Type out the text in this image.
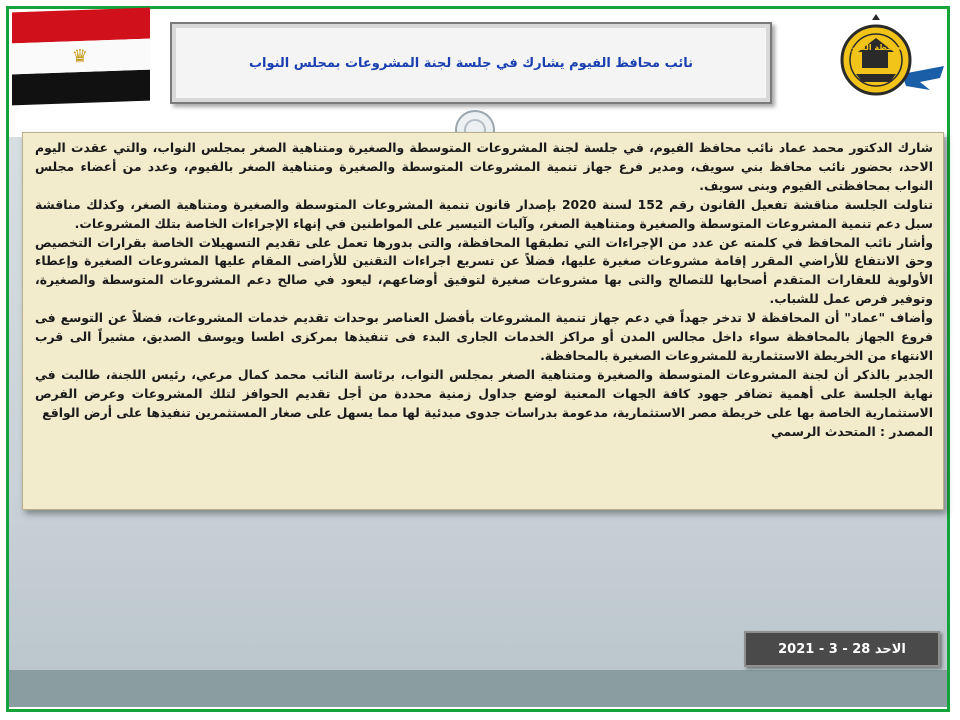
♛	نائب محافظ الفيوم يشارك في جلسة لجنة المشروعات بمجلس النواب
محافظة الفيوم

شارك الدكتور محمد عماد نائب محافظ الفيوم، في جلسة لجنة المشروعات المتوسطة والصغيرة ومتناهية الصغر بمجلس النواب، والتي عقدت اليوم الاحد، بحضور نائب محافظ بني سويف، ومدير فرع جهاز تنمية المشروعات المتوسطة والصغيرة ومتناهية الصغر بالفيوم، وعدد من أعضاء مجلس النواب بمحافظتى الفيوم وبنى سويف.

تناولت الجلسة مناقشة تفعيل القانون رقم 152 لسنة 2020 بإصدار قانون تنمية المشروعات المتوسطة والصغيرة ومتناهية الصغر، وكذلك مناقشة سبل دعم تنمية المشروعات المتوسطة والصغيرة ومتناهية الصغر، وآليات التيسير على المواطنين في إنهاء الإجراءات الخاصة بتلك المشروعات.

وأشار نائب المحافظ في كلمته عن عدد من الإجراءات التي تطبقها المحافظة، والتى بدورها تعمل على تقديم التسهيلات الخاصة بقرارات التخصيص وحق الانتفاع للأراضي المقرر إقامة مشروعات صغيرة عليها، فضلاً عن تسريع اجراءات التقنين للأراضى المقام عليها المشروعات الصغيرة وإعطاء الأولوية للعقارات المتقدم أصحابها للتصالح والتى بها مشروعات صغيرة لتوفيق أوضاعهم، ليعود في صالح دعم المشروعات المتوسطة والصغيرة، وتوفير فرص عمل للشباب.

وأضاف "عماد" أن المحافظة لا تدخر جهداً في دعم جهاز تنمية المشروعات بأفضل العناصر بوحدات تقديم خدمات المشروعات، فضلاً عن التوسع فى فروع الجهاز بالمحافظة سواء داخل مجالس المدن أو مراكز الخدمات الجارى البدء فى تنفيذها بمركزى اطسا ويوسف الصديق، مشيراً الى قرب الانتهاء من الخريطة الاستثمارية للمشروعات الصغيرة بالمحافظة.

الجدير بالذكر أن لجنة المشروعات المتوسطة والصغيرة ومتناهية الصغر بمجلس النواب، برئاسة النائب محمد كمال مرعي، رئيس اللجنة، طالبت في نهاية الجلسة على أهمية تضافر جهود كافة الجهات المعنية لوضع جداول زمنية محددة من أجل تقديم الحوافز لتلك المشروعات وعرض الفرص الاستثمارية الخاصة بها على خريطة مصر الاستثمارية، مدعومة بدراسات جدوى مبدئية لها مما يسهل على صغار المستثمرين تنفيذها على أرض الواقع

المصدر : المتحدث الرسمي

الاحد 28 - 3 - 2021
